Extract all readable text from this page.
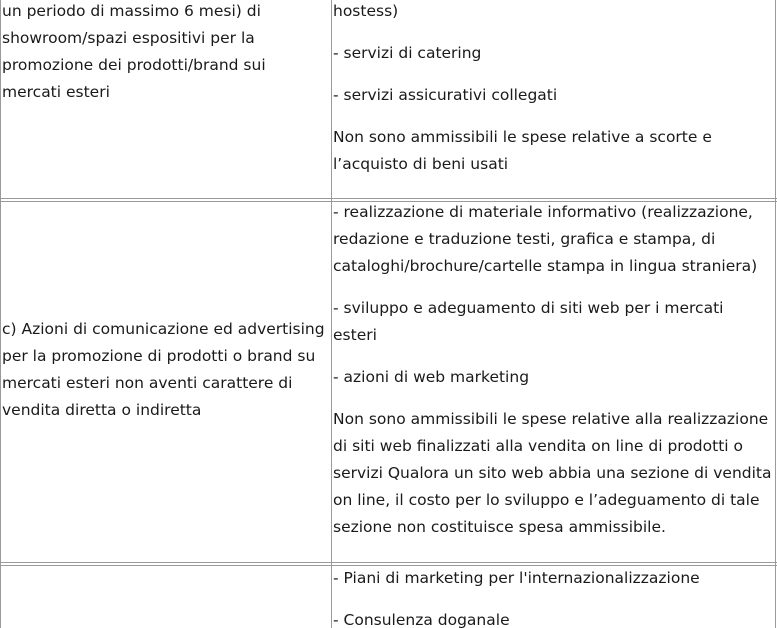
un periodo di massimo 6 mesi) di

showroom/spazi espositivi per la

promozione dei prodotti/brand sui

mercati esteri

hostess)

- servizi di catering

- servizi assicurativi collegati

Non sono ammissibili le spese relative a scorte e

l’acquisto di beni usati

c) Azioni di comunicazione ed advertising

per la promozione di prodotti o brand su

mercati esteri non aventi carattere di

vendita diretta o indiretta

- realizzazione di materiale informativo (realizzazione,

redazione e traduzione testi, grafica e stampa, di

cataloghi/brochure/cartelle stampa in lingua straniera)

- sviluppo e adeguamento di siti web per i mercati

esteri

- azioni di web marketing

Non sono ammissibili le spese relative alla realizzazione

di siti web finalizzati alla vendita on line di prodotti o

servizi Qualora un sito web abbia una sezione di vendita

on line, il costo per lo sviluppo e l’adeguamento di tale

sezione non costituisce spesa ammissibile.

- Piani di marketing per l'internazionalizzazione

- Consulenza doganale
